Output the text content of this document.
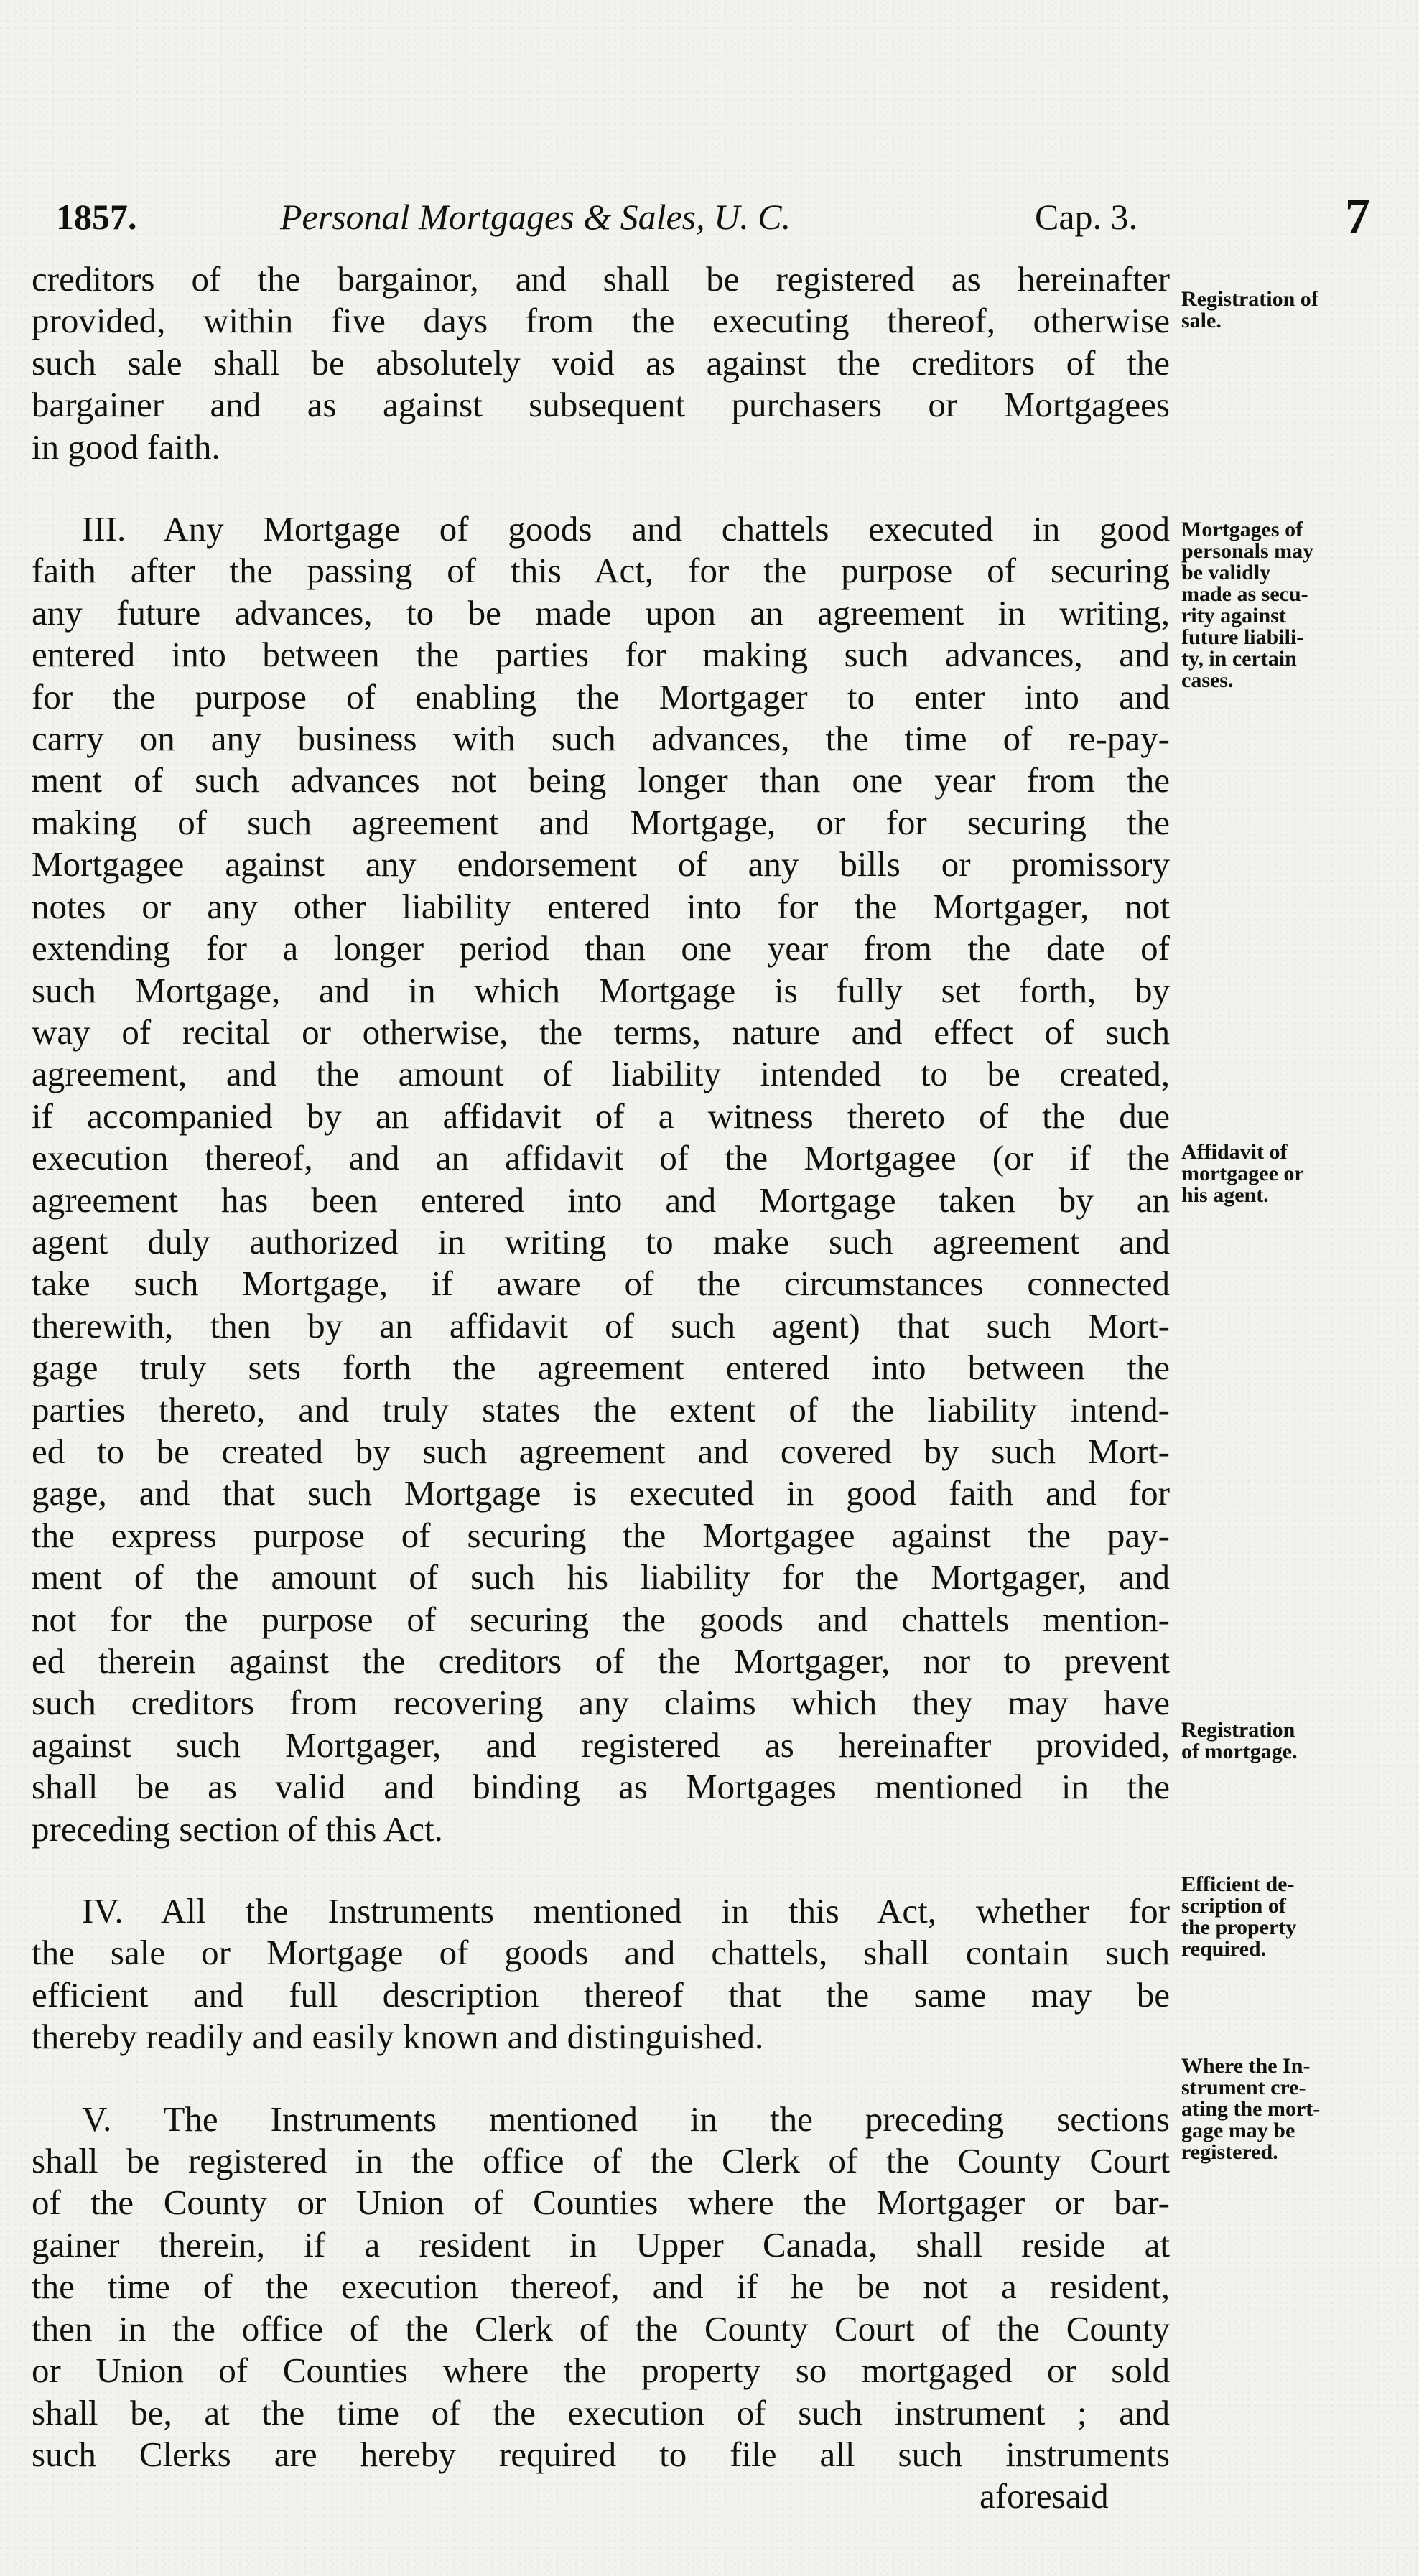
1857.	Personal Mortgages & Sales, U. C.	Cap. 3.	7

creditors of the bargainor, and shall be registered as hereinafter
provided, within five days from the executing thereof, otherwise
such sale shall be absolutely void as against the creditors of the
bargainer and as against subsequent purchasers or Mortgagees
in good faith.

III. Any Mortgage of goods and chattels executed in good
faith after the passing of this Act, for the purpose of securing
any future advances, to be made upon an agreement in writing,
entered into between the parties for making such advances, and
for the purpose of enabling the Mortgager to enter into and
carry on any business with such advances, the time of re-pay-
ment of such advances not being longer than one year from the
making of such agreement and Mortgage, or for securing the
Mortgagee against any endorsement of any bills or promissory
notes or any other liability entered into for the Mortgager, not
extending for a longer period than one year from the date of
such Mortgage, and in which Mortgage is fully set forth, by
way of recital or otherwise, the terms, nature and effect of such
agreement, and the amount of liability intended to be created,
if accompanied by an affidavit of a witness thereto of the due
execution thereof, and an affidavit of the Mortgagee (or if the
agreement has been entered into and Mortgage taken by an
agent duly authorized in writing to make such agreement and
take such Mortgage, if aware of the circumstances connected
therewith, then by an affidavit of such agent) that such Mort-
gage truly sets forth the agreement entered into between the
parties thereto, and truly states the extent of the liability intend-
ed to be created by such agreement and covered by such Mort-
gage, and that such Mortgage is executed in good faith and for
the express purpose of securing the Mortgagee against the pay-
ment of the amount of such his liability for the Mortgager, and
not for the purpose of securing the goods and chattels mention-
ed therein against the creditors of the Mortgager, nor to prevent
such creditors from recovering any claims which they may have
against such Mortgager, and registered as hereinafter provided,
shall be as valid and binding as Mortgages mentioned in the
preceding section of this Act.

IV. All the Instruments mentioned in this Act, whether for
the sale or Mortgage of goods and chattels, shall contain such
efficient and full description thereof that the same may be
thereby readily and easily known and distinguished.

V. The Instruments mentioned in the preceding sections
shall be registered in the office of the Clerk of the County Court
of the County or Union of Counties where the Mortgager or bar-
gainer therein, if a resident in Upper Canada, shall reside at
the time of the execution thereof, and if he be not a resident,
then in the office of the Clerk of the County Court of the County
or Union of Counties where the property so mortgaged or sold
shall be, at the time of the execution of such instrument ; and
such Clerks are hereby required to file all such instruments

aforesaid
Registration of
sale.
Mortgages of
personals may
be validly
made as secu-
rity against
future liabili-
ty, in certain
cases.
Affidavit of
mortgagee or
his agent.
Registration
of mortgage.
Efficient de-
scription of
the property
required.
Where the In-
strument cre-
ating the mort-
gage may be
registered.
